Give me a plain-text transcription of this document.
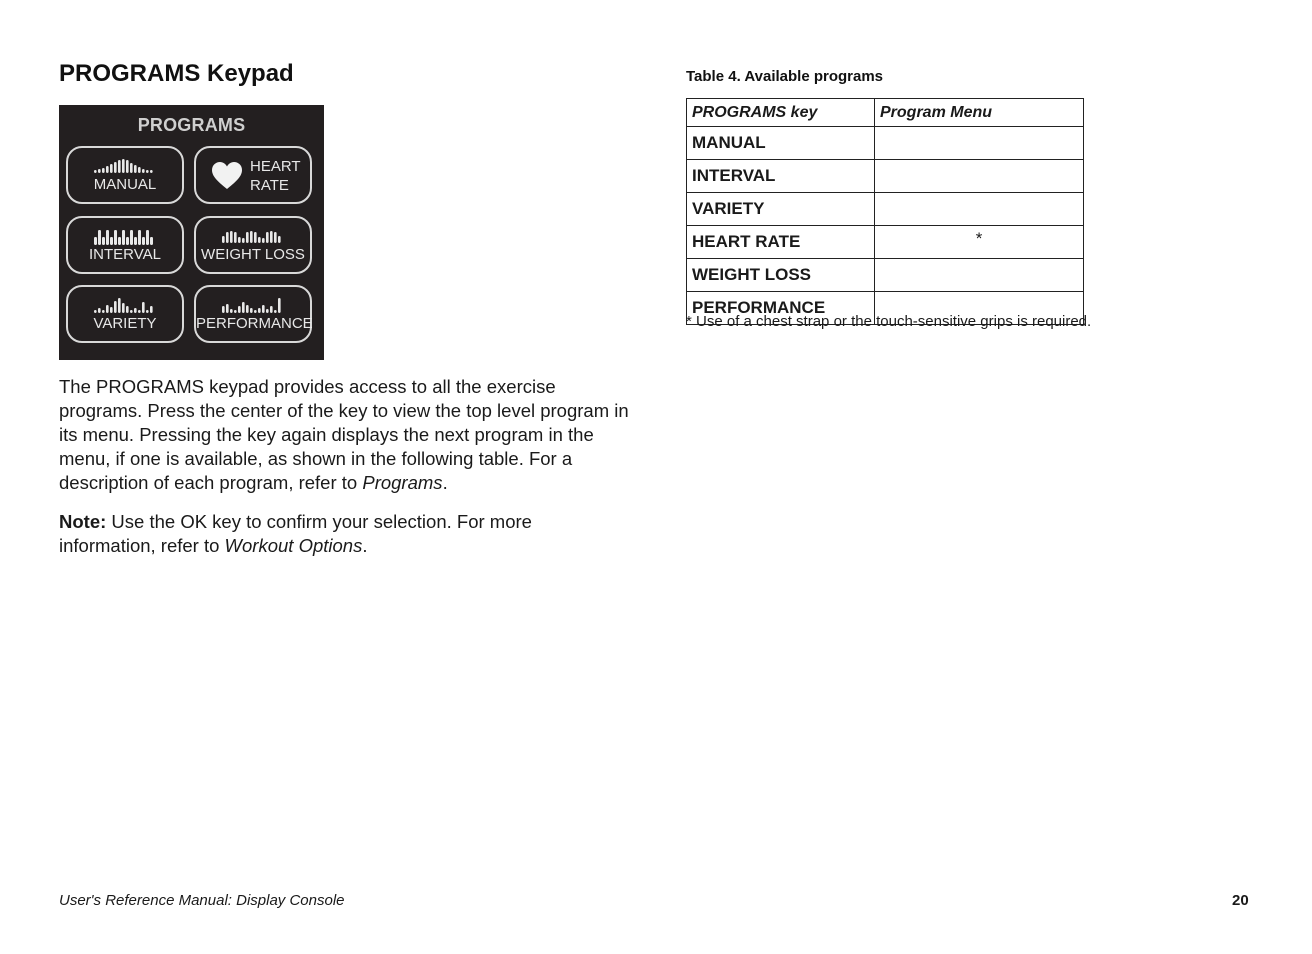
PROGRAMS Keypad
PROGRAMS
MANUAL
HEART
RATE
INTERVAL	WEIGHT LOSS
VARIETY	PERFORMANCE

The PROGRAMS keypad provides access to all the exercise programs. Press the center of the key to view the top level program in its menu. Pressing the key again displays the next program in the menu, if one is available, as shown in the following table. For a description of each program, refer to Programs.

Note: Use the OK key to confirm your selection. For more information, refer to Workout Options.

Table 4. Available programs
PROGRAMS key	Program Menu
MANUAL	
INTERVAL	
VARIETY	
HEART RATE	*
WEIGHT LOSS	
PERFORMANCE	
* Use of a chest strap or the touch-sensitive grips is required.
User's Reference Manual: Display Console	20
